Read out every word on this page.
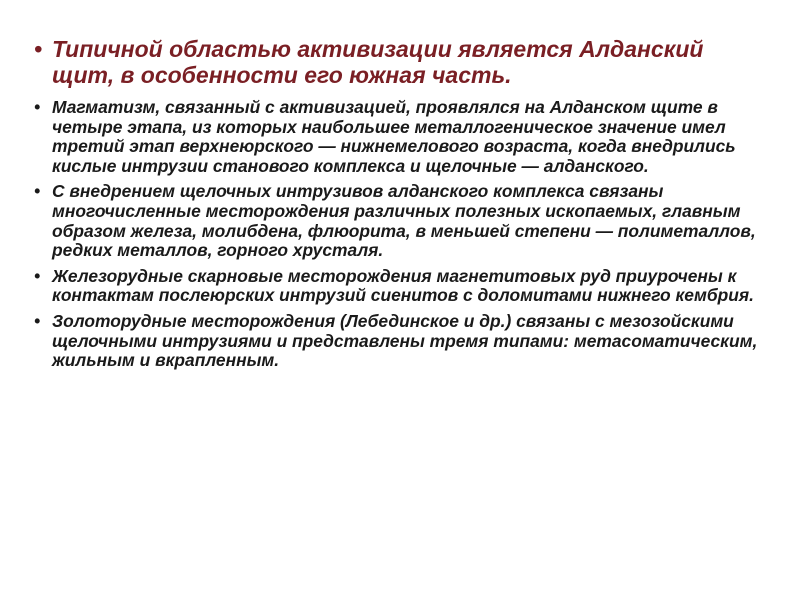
• Типичной областью активизации является Алданский щит, в особенности его южная часть.
• Магматизм, связанный с активизацией, проявлялся на Алданском щите в четыре этапа, из которых наибольшее металлогеническое значение имел третий этап верхнеюрского — нижнемелового возраста, когда внедрились кислые интрузии станового комплекса и щелочные — алданского.
• С внедрением щелочных интрузивов алданского комплекса связаны многочисленные месторождения различных полезных ископаемых, главным образом железа, молибдена, флюорита, в меньшей степени — полиметаллов, редких металлов, горного хрусталя.
• Железорудные скарновые месторождения магнетитовых руд приурочены к контактам послеюрских интрузий сиенитов с доломитами нижнего кембрия.
• Золоторудные месторождения (Лебединское и др.) связаны с мезозойскими щелочными интрузиями и представлены тремя типами: метасоматическим, жильным и вкрапленным.
